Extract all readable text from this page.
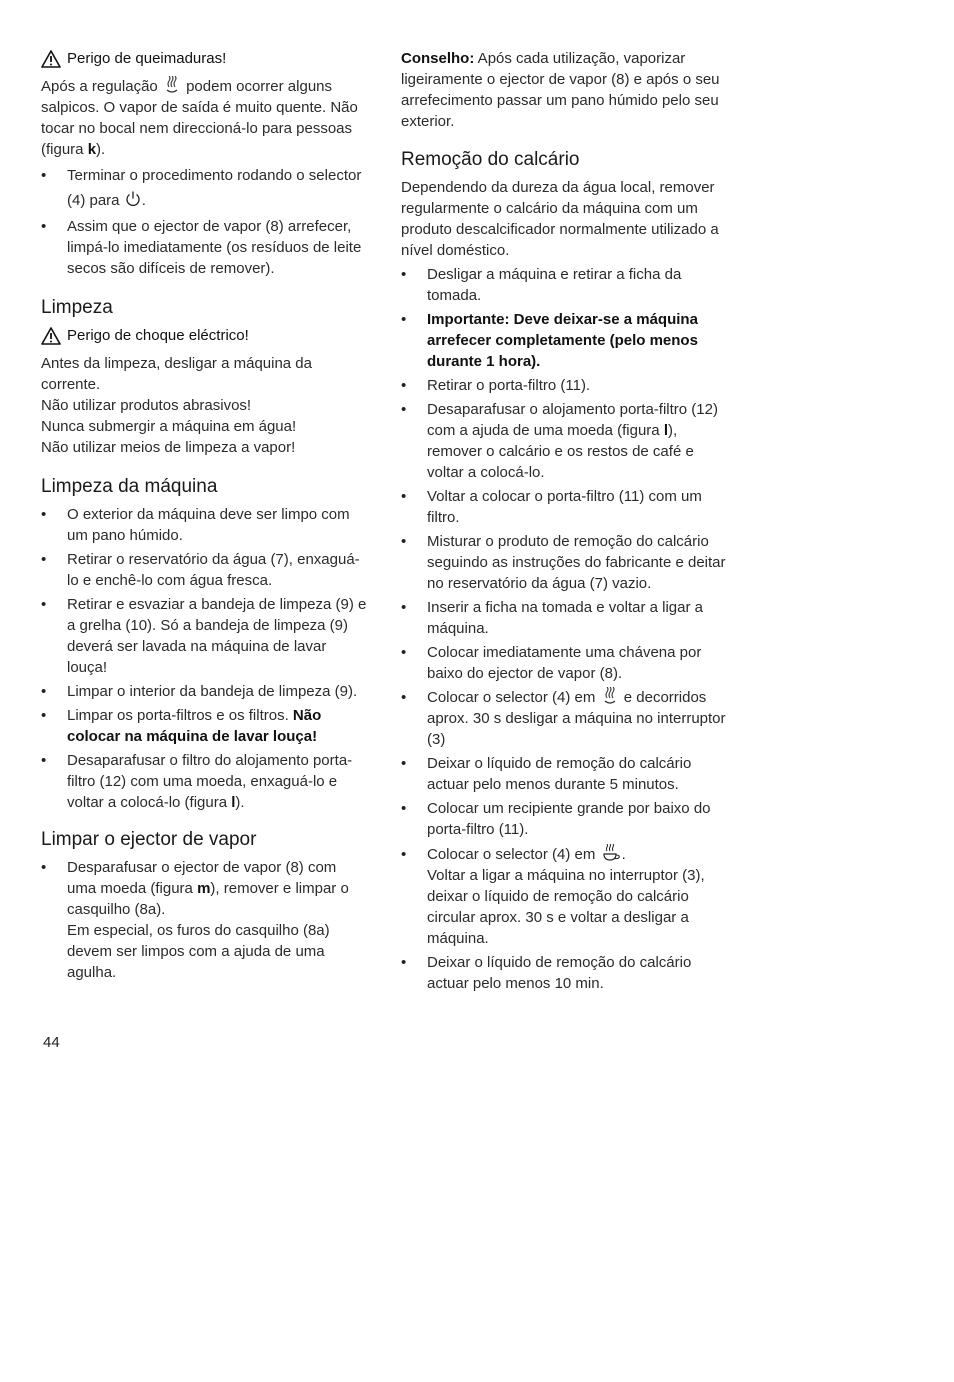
Perigo de queimaduras!

Após a regulação podem ocorrer alguns salpicos. O vapor de saída é muito quente. Não tocar no bocal nem direccioná-lo para pessoas (figura k).

• Terminar o procedimento rodando o selector (4) para .
• Assim que o ejector de vapor (8) arrefecer, limpá-lo imediatamente (os resíduos de leite secos são difíceis de remover).
Limpeza
Perigo de choque eléctrico!

Antes da limpeza, desligar a máquina da corrente.

Não utilizar produtos abrasivos!

Nunca submergir a máquina em água!

Não utilizar meios de limpeza a vapor!

Limpeza da máquina
• O exterior da máquina deve ser limpo com um pano húmido.
• Retirar o reservatório da água (7), enxaguá-lo e enchê-lo com água fresca.
• Retirar e esvaziar a bandeja de limpeza (9) e a grelha (10). Só a bandeja de limpeza (9) deverá ser lavada na máquina de lavar louça!
• Limpar o interior da bandeja de limpeza (9).
• Limpar os porta-filtros e os filtros. Não colocar na máquina de lavar louça!
• Desaparafusar o filtro do alojamento porta-filtro (12) com uma moeda, enxaguá-lo e voltar a colocá-lo (figura l).
Limpar o ejector de vapor
• Desparafusar o ejector de vapor (8) com uma moeda (figura m), remover e limpar o casquilho (8a).
Em especial, os furos do casquilho (8a) devem ser limpos com a ajuda de uma agulha.

Conselho: Após cada utilização, vaporizar ligeiramente o ejector de vapor (8) e após o seu arrefecimento passar um pano húmido pelo seu exterior.

Remoção do calcário

Dependendo da dureza da água local, remover regularmente o calcário da máquina com um produto descalcificador normalmente utilizado a nível doméstico.

• Desligar a máquina e retirar a ficha da tomada.
• Importante: Deve deixar-se a máquina arrefecer completamente (pelo menos durante 1 hora).
• Retirar o porta-filtro (11).
• Desaparafusar o alojamento porta-filtro (12) com a ajuda de uma moeda (figura l), remover o calcário e os restos de café e voltar a colocá-lo.
• Voltar a colocar o porta-filtro (11) com um filtro.
• Misturar o produto de remoção do calcário seguindo as instruções do fabricante e deitar no reservatório da água (7) vazio.
• Inserir a ficha na tomada e voltar a ligar a máquina.
• Colocar imediatamente uma chávena por baixo do ejector de vapor (8).
• Colocar o selector (4) em e decorridos aprox. 30 s desligar a máquina no interruptor (3)
• Deixar o líquido de remoção do calcário actuar pelo menos durante 5 minutos.
• Colocar um recipiente grande por baixo do porta-filtro (11).
• Colocar o selector (4) em .
Voltar a ligar a máquina no interruptor (3), deixar o líquido de remoção do calcário circular aprox. 30 s e voltar a desligar a máquina.
• Deixar o líquido de remoção do calcário actuar pelo menos 10 min.
44
